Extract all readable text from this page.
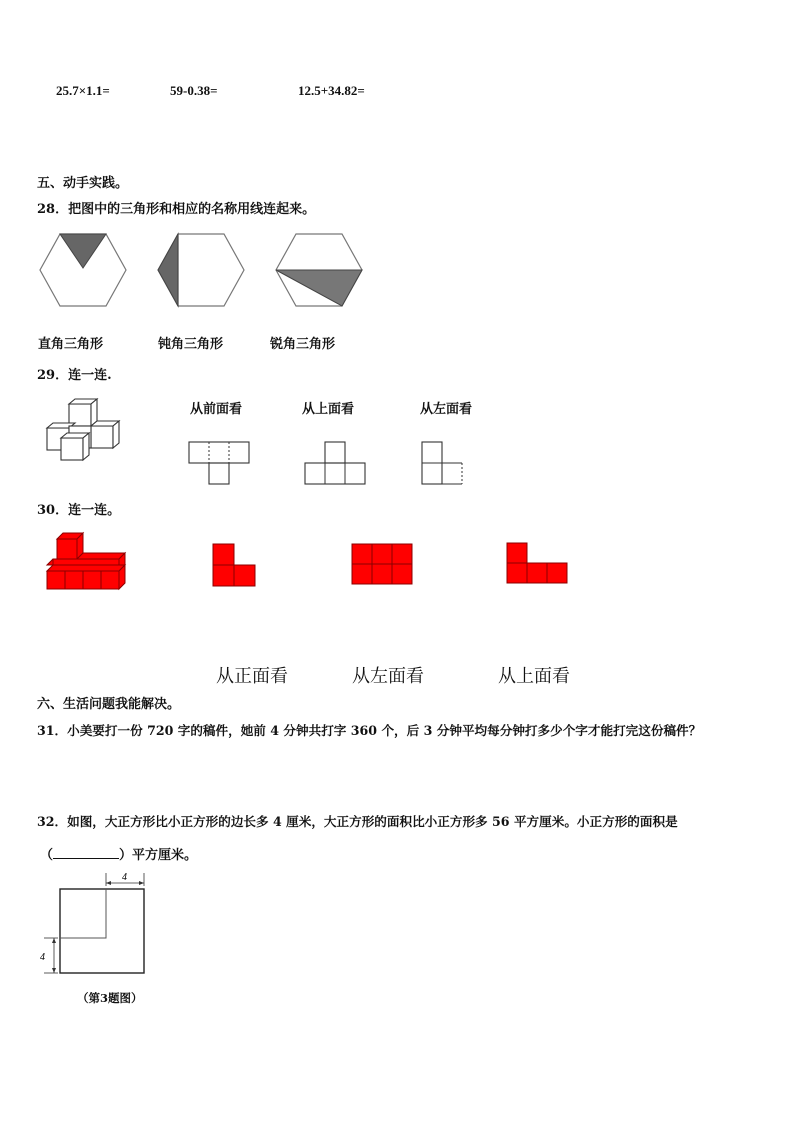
25.7×1.1=	59-0.38=	12.5+34.82=
五、动手实践。
28．把图中的三角形和相应的名称用线连起来。
直角三角形	钝角三角形	锐角三角形
29．连一连.
从前面看	从上面看	从左面看
30．连一连。
从正面看	从左面看	从上面看
六、生活问题我能解决。
31．小美要打一份 720 字的稿件，她前 4 分钟共打字 360 个，后 3 分钟平均每分钟打多少个字才能打完这份稿件？
32．如图，大正方形比小正方形的边长多 4 厘米，大正方形的面积比小正方形多 56 平方厘米。小正方形的面积是
（	）平方厘米。
4
4
（第3题图）
